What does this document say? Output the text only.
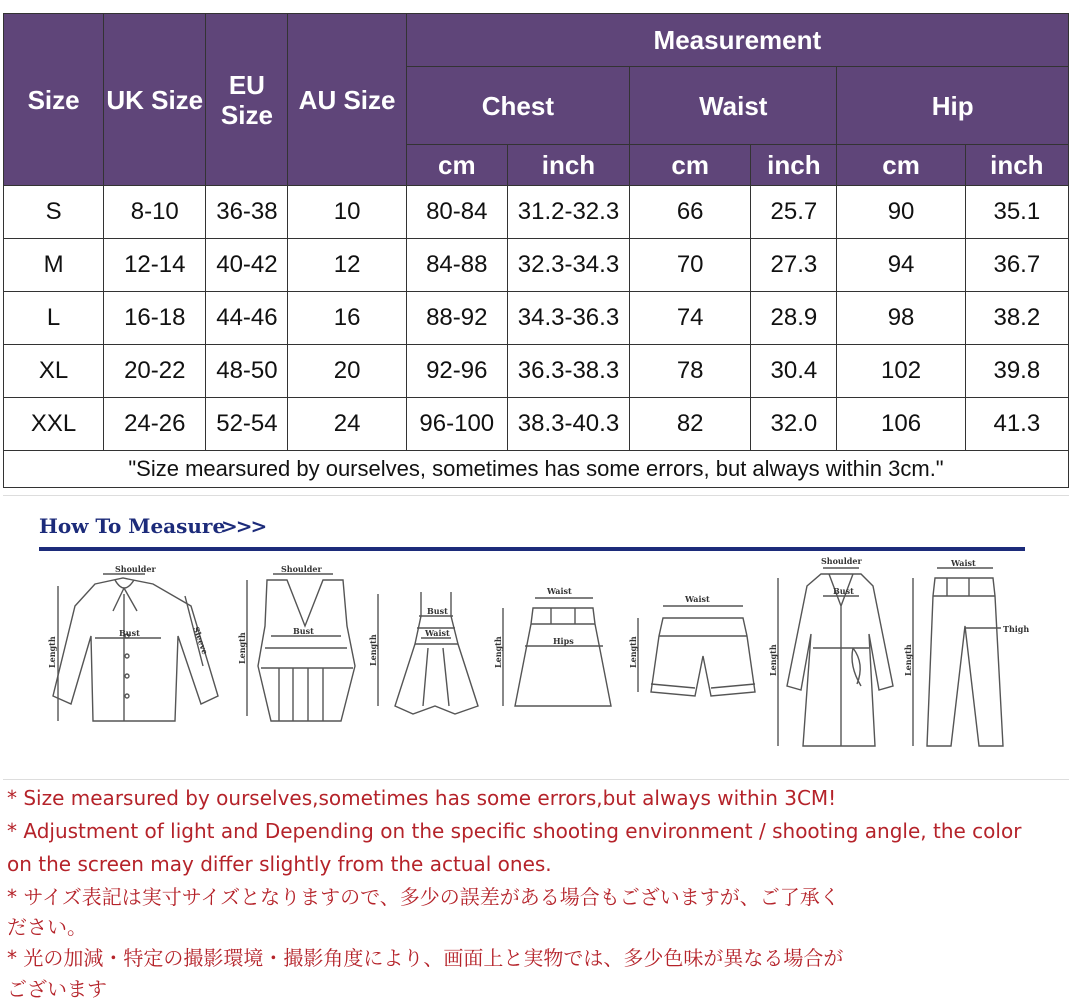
Size	UK Size	EU Size	AU Size	Measurement					
				Chest		Waist		Hip	
				cm	inch	cm	inch	cm	inch
S	8-10	36-38	10	80-84	31.2-32.3	66	25.7	90	35.1
M	12-14	40-42	12	84-88	32.3-34.3	70	27.3	94	36.7
L	16-18	44-46	16	88-92	34.3-36.3	74	28.9	98	38.2
XL	20-22	48-50	20	92-96	36.3-38.3	78	30.4	102	39.8
XXL	24-26	52-54	24	96-100	38.3-40.3	82	32.0	106	41.3
"Size mearsured by ourselves, sometimes has some errors, but always within 3cm."									
How To Measure
>>>
Shoulder
Bust	Sleeve
Length
Shoulder
Bust
Length
Bust
Waist
Length
Waist
Hips
Length
Waist
Length
Shoulder
Bust
Length
Waist
Thigh
Length

* Size mearsured by ourselves,sometimes has some errors,but always within 3CM!

* Adjustment of light and Depending on the specific shooting environment / shooting angle, the color

on the screen may differ slightly from the actual ones.

* サイズ表記は実寸サイズとなりますので、多少の誤差がある場合もございますが、ご了承く

ださい。

* 光の加減・特定の撮影環境・撮影角度により、画面上と実物では、多少色味が異なる場合が

ございます
